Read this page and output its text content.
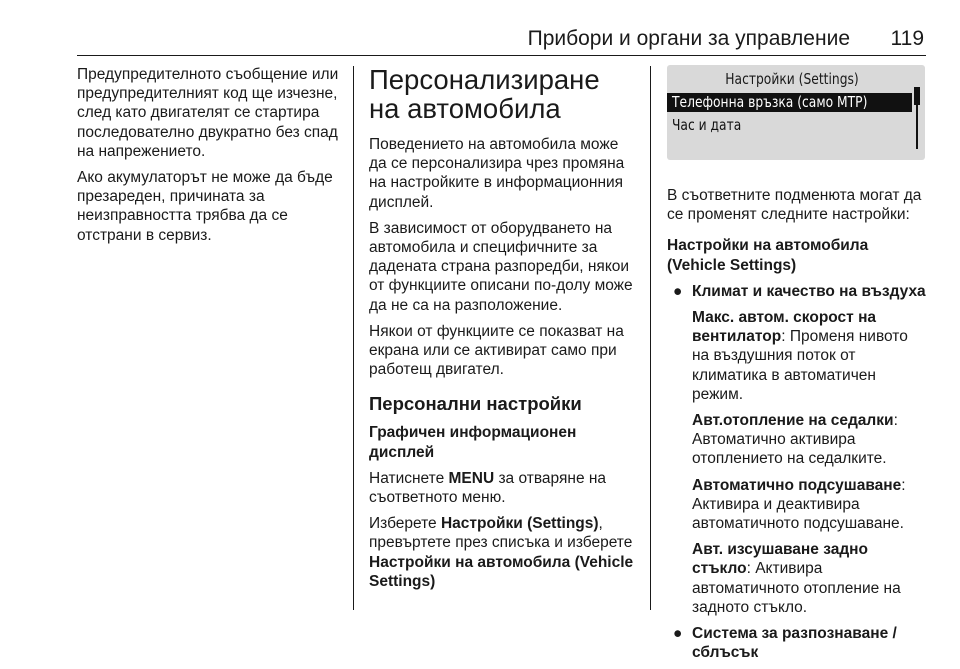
Прибори и органи за управление 119

Предупредителното съобщение или предупредителният код ще изчезне, след като двигателят се стартира последователно двукратно без спад на напрежението.

Ако акумулаторът не може да бъде презареден, причината за неизправността трябва да се отстрани в сервиз.

Персонализиране на автомобила

Поведението на автомобила може да се персонализира чрез промяна на настройките в информационния дисплей.

В зависимост от оборудването на автомобила и специфичните за дадената страна разпоредби, някои от функциите описани по-долу може да не са на разположение.

Някои от функциите се показват на екрана или се активират само при работещ двигател.

Персонални настройки
Графичен информационен дисплей

Натиснете MENU за отваряне на съответното меню.

Изберете Настройки (Settings), превъртете през списъка и изберете Настройки на автомобила (Vehicle Settings)

Настройки (Settings)
Телефонна връзка (само MTP)
Час и дата

В съответните подменюта могат да се променят следните настройки:

Настройки на автомобила (Vehicle Settings)
● Климат и качество на въздуха

Макс. автом. скорост на вентилатор: Променя нивото на въздушния поток от климатика в автоматичен режим.

Авт.отопление на седалки: Автоматично активира отоплението на седалките.

Автоматично подсушаване: Активира и деактивира автоматичното подсушаване.

Авт. изсушаване задно стъкло: Активира автоматичното отопление на задното стъкло.

● Система за разпознаване / сблъсък
